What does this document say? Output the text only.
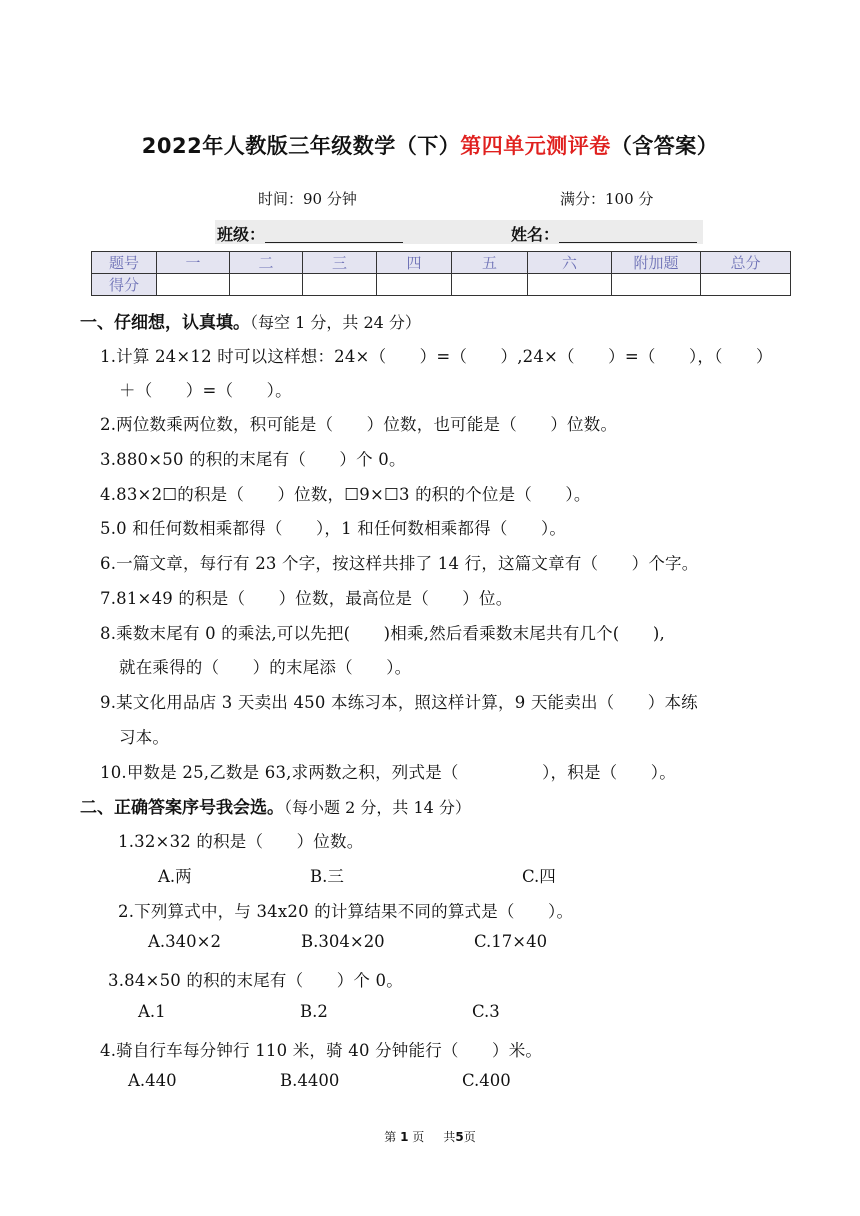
2022年人教版三年级数学（下）第四单元测评卷（含答案）
时间：90 分钟	满分：100 分
班级：	姓名：
题号	一	二	三	四	五	六	附加题	总分
得分								
一、仔细想，认真填。（每空 1 分，共 24 分）
1.计算 24×12 时可以这样想：24×（　　）=（　　）,24×（　　）=（　　），（　　）
＋（　　）=（　　）。
2.两位数乘两位数，积可能是（　　）位数，也可能是（　　）位数。
3.880×50 的积的末尾有（　　）个 0。
4.83×2☐的积是（　　）位数，☐9×☐3 的积的个位是（　　）。
5.0 和任何数相乘都得（　　），1 和任何数相乘都得（　　）。
6.一篇文章，每行有 23 个字，按这样共排了 14 行，这篇文章有（　　）个字。
7.81×49 的积是（　　）位数，最高位是（　　）位。
8.乘数末尾有 0 的乘法,可以先把(　　)相乘,然后看乘数末尾共有几个(　　),
就在乘得的（　　）的末尾添（　　）。
9.某文化用品店 3 天卖出 450 本练习本，照这样计算，9 天能卖出（　　）本练
习本。
10.甲数是 25,乙数是 63,求两数之积，列式是（　　　　　），积是（　　）。
二、正确答案序号我会选。（每小题 2 分，共 14 分）
1.32×32 的积是（　　）位数。
A.两	B.三	C.四
2.下列算式中，与 34x20 的计算结果不同的算式是（　　）。
A.340×2	B.304×20	C.17×40
3.84×50 的积的末尾有（　　）个 0。
A.1	B.2	C.3
4.骑自行车每分钟行 110 米，骑 40 分钟能行（　　）米。
A.440	B.4400	C.400
第 1 页 共5页
